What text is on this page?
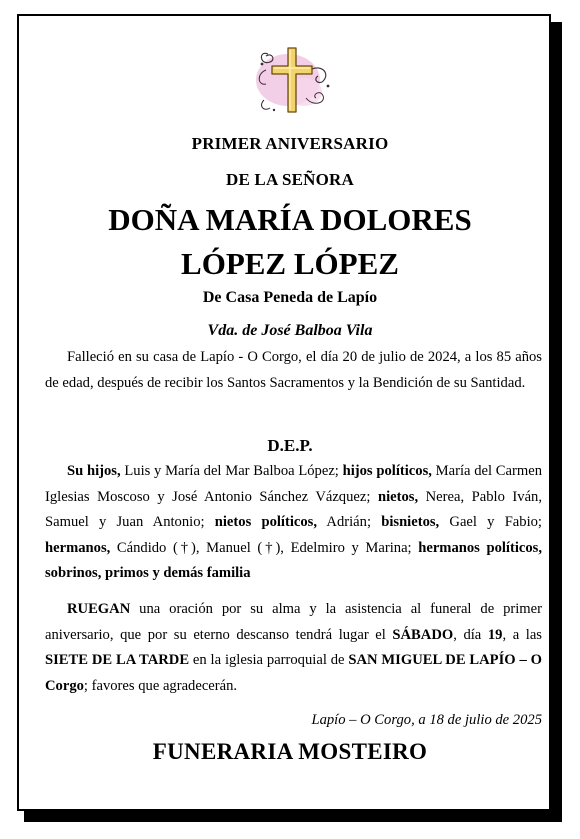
PRIMER ANIVERSARIO
DE LA SEÑORA
DOÑA MARÍA DOLORES
LÓPEZ LÓPEZ
De Casa Peneda de Lapío
Vda. de José Balboa Vila
Falleció en su casa de Lapío - O Corgo, el día 20 de julio de 2024, a los 85 años de edad, después de recibir los Santos Sacramentos y la Bendición de su Santidad.
D.E.P.
Su hijos, Luis y María del Mar Balboa López; hijos políticos, María del Carmen Iglesias Moscoso y José Antonio Sánchez Vázquez; nietos, Nerea, Pablo Iván, Samuel y Juan Antonio; nietos políticos, Adrián; bisnietos, Gael y Fabio; hermanos, Cándido (†), Manuel (†), Edelmiro y Marina; hermanos políticos, sobrinos, primos y demás familia
RUEGAN una oración por su alma y la asistencia al funeral de primer aniversario, que por su eterno descanso tendrá lugar el SÁBADO, día 19, a las SIETE DE LA TARDE en la iglesia parroquial de SAN MIGUEL DE LAPÍO – O Corgo; favores que agradecerán.
Lapío – O Corgo, a 18 de julio de 2025
FUNERARIA MOSTEIRO
